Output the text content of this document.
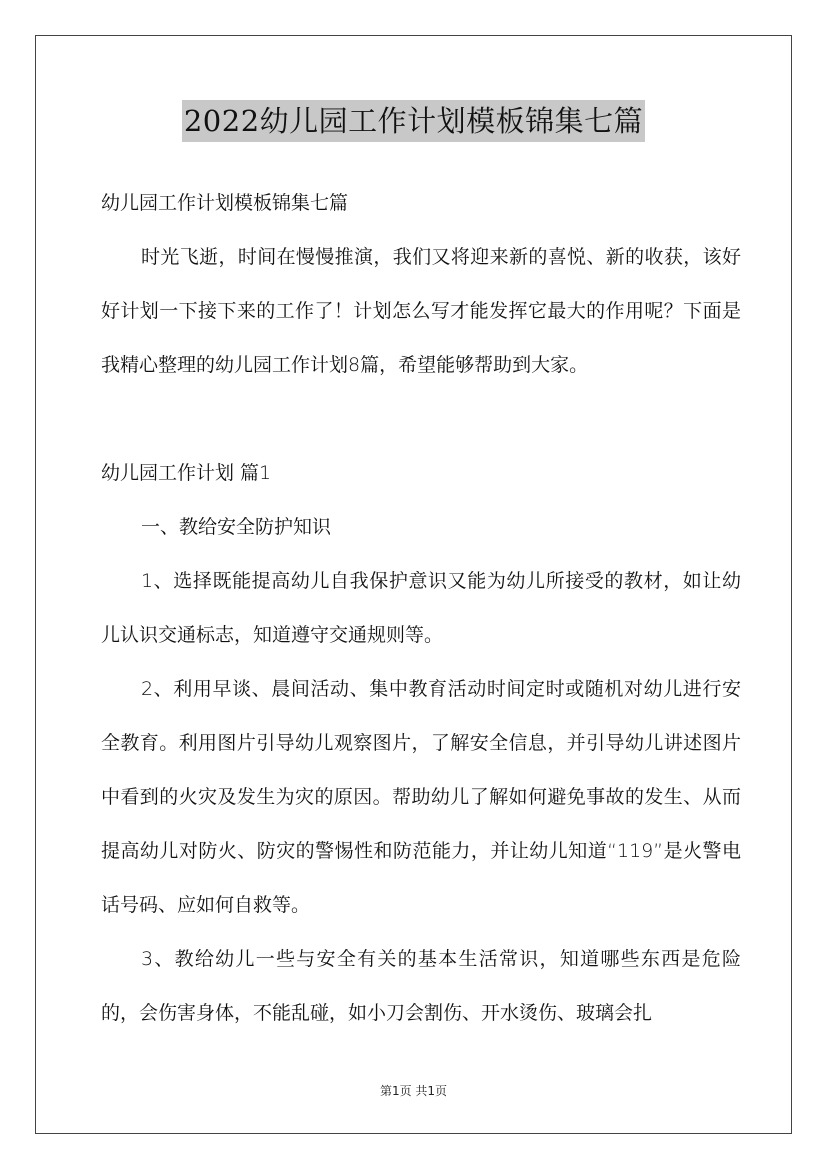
2022幼儿园工作计划模板锦集七篇

幼儿园工作计划模板锦集七篇

时光飞逝，时间在慢慢推演，我们又将迎来新的喜悦、新的收获，该好好计划一下接下来的工作了！计划怎么写才能发挥它最大的作用呢？下面是我精心整理的幼儿园工作计划8篇，希望能够帮助到大家。

幼儿园工作计划 篇1

一、教给安全防护知识

1、选择既能提高幼儿自我保护意识又能为幼儿所接受的教材，如让幼儿认识交通标志，知道遵守交通规则等。

2、利用早谈、晨间活动、集中教育活动时间定时或随机对幼儿进行安全教育。利用图片引导幼儿观察图片，了解安全信息，并引导幼儿讲述图片中看到的火灾及发生为灾的原因。帮助幼儿了解如何避免事故的发生、从而提高幼儿对防火、防灾的警惕性和防范能力，并让幼儿知道“119”是火警电话号码、应如何自救等。

3、教给幼儿一些与安全有关的基本生活常识，知道哪些东西是危险的，会伤害身体，不能乱碰，如小刀会割伤、开水烫伤、玻璃会扎

第1页 共1页
